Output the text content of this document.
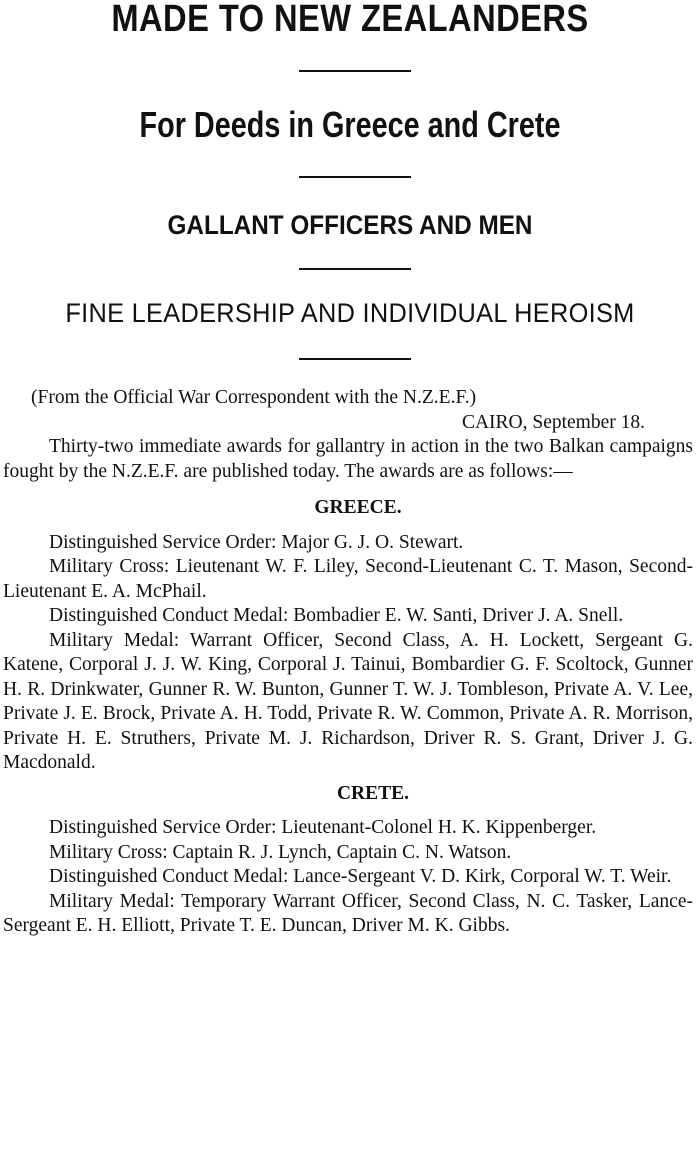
MADE TO NEW ZEALANDERS
For Deeds in Greece and Crete
GALLANT OFFICERS AND MEN
FINE LEADERSHIP AND INDIVIDUAL HEROISM

(From the Official War Correspondent with the N.Z.E.F.)

CAIRO, September 18.

Thirty-two immediate awards for gallantry in action in the two Balkan campaigns fought by the N.Z.E.F. are published today. The awards are as follows:—

GREECE.

Distinguished Service Order: Major G. J. O. Stewart.

Military Cross: Lieutenant W. F. Liley, Second-Lieutenant C. T. Mason, Second-Lieutenant E. A. McPhail.

Distinguished Conduct Medal: Bombadier E. W. Santi, Driver J. A. Snell.

Military Medal: Warrant Officer, Second Class, A. H. Lockett, Sergeant G. Katene, Corporal J. J. W. King, Corporal J. Tainui, Bombardier G. F. Scoltock, Gunner H. R. Drinkwater, Gunner R. W. Bunton, Gunner T. W. J. Tombleson, Private A. V. Lee, Private J. E. Brock, Private A. H. Todd, Private R. W. Common, Private A. R. Morrison, Private H. E. Struthers, Private M. J. Richardson, Driver R. S. Grant, Driver J. G. Macdonald.

CRETE.

Distinguished Service Order: Lieutenant-Colonel H. K. Kippenberger.

Military Cross: Captain R. J. Lynch, Captain C. N. Watson.

Distinguished Conduct Medal: Lance-Sergeant V. D. Kirk, Corporal W. T. Weir.

Military Medal: Temporary Warrant Officer, Second Class, N. C. Tasker, Lance-Sergeant E. H. Elliott, Private T. E. Duncan, Driver M. K. Gibbs.
